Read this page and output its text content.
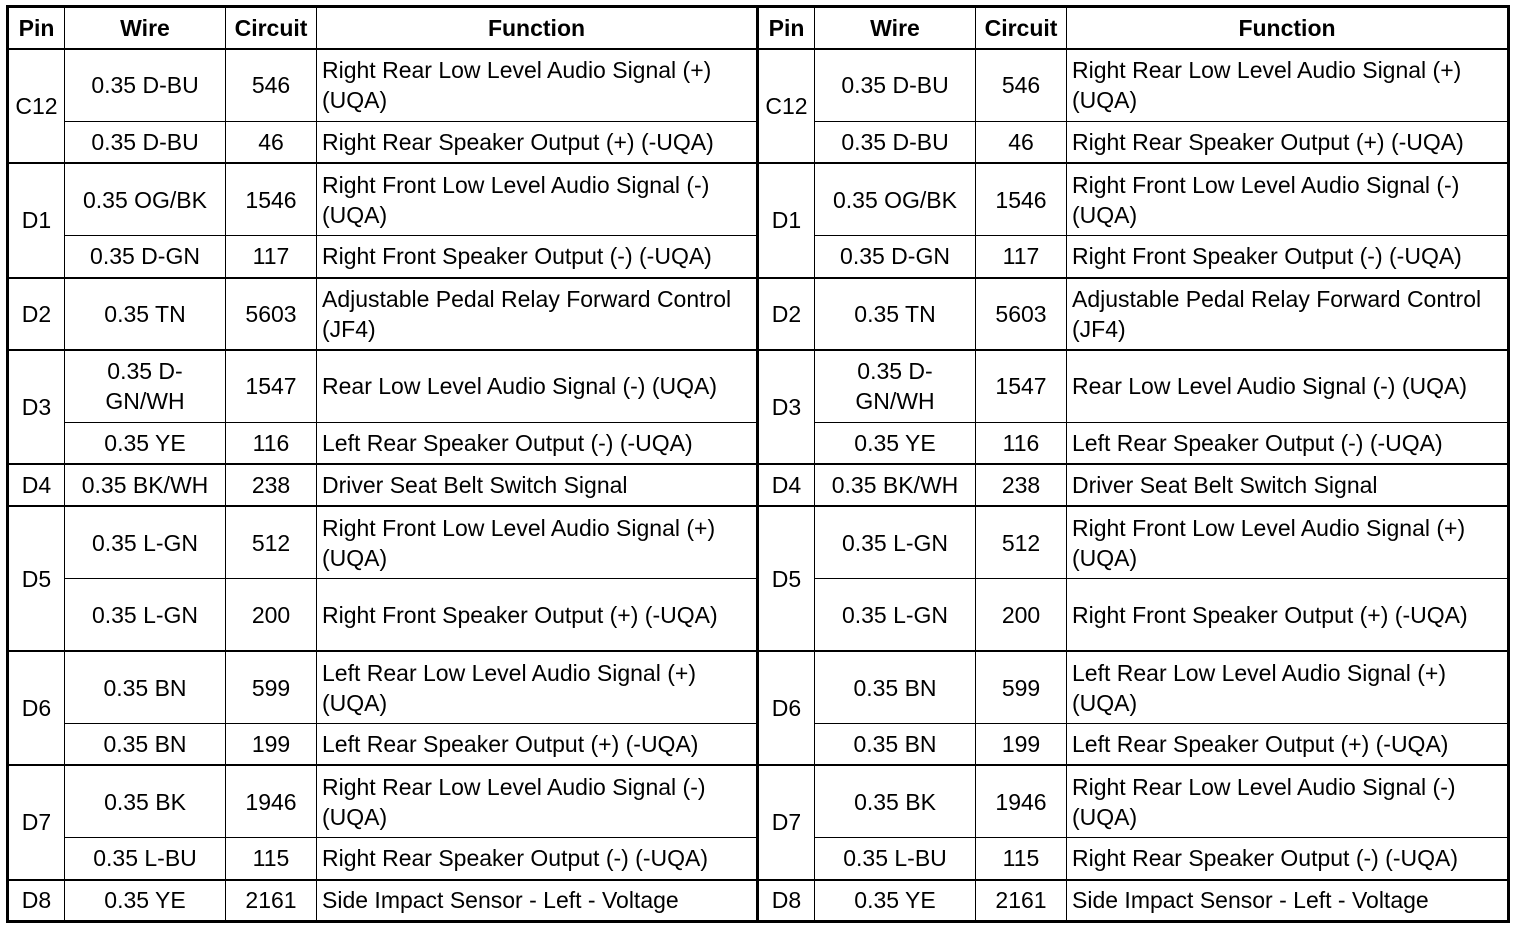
Pin	Wire	Circuit	Function	Pin	Wire	Circuit	Function
C12	0.35 D-BU	546	Right Rear Low Level Audio Signal (+) (UQA)	C12	0.35 D-BU	546	Right Rear Low Level Audio Signal (+) (UQA)
	0.35 D-BU	46	Right Rear Speaker Output (+) (-UQA)		0.35 D-BU	46	Right Rear Speaker Output (+) (-UQA)
D1	0.35 OG/BK	1546	Right Front Low Level Audio Signal (-) (UQA)	D1	0.35 OG/BK	1546	Right Front Low Level Audio Signal (-) (UQA)
	0.35 D-GN	117	Right Front Speaker Output (-) (-UQA)		0.35 D-GN	117	Right Front Speaker Output (-) (-UQA)
D2	0.35 TN	5603	Adjustable Pedal Relay Forward Control (JF4)	D2	0.35 TN	5603	Adjustable Pedal Relay Forward Control (JF4)
D3	0.35 D-GN/WH	1547	Rear Low Level Audio Signal (-) (UQA)	D3	0.35 D-GN/WH	1547	Rear Low Level Audio Signal (-) (UQA)
	0.35 YE	116	Left Rear Speaker Output (-) (-UQA)		0.35 YE	116	Left Rear Speaker Output (-) (-UQA)
D4	0.35 BK/WH	238	Driver Seat Belt Switch Signal	D4	0.35 BK/WH	238	Driver Seat Belt Switch Signal
D5	0.35 L-GN	512	Right Front Low Level Audio Signal (+) (UQA)	D5	0.35 L-GN	512	Right Front Low Level Audio Signal (+) (UQA)
	0.35 L-GN	200	Right Front Speaker Output (+) (-UQA)		0.35 L-GN	200	Right Front Speaker Output (+) (-UQA)
D6	0.35 BN	599	Left Rear Low Level Audio Signal (+) (UQA)	D6	0.35 BN	599	Left Rear Low Level Audio Signal (+) (UQA)
	0.35 BN	199	Left Rear Speaker Output (+) (-UQA)		0.35 BN	199	Left Rear Speaker Output (+) (-UQA)
D7	0.35 BK	1946	Right Rear Low Level Audio Signal (-) (UQA)	D7	0.35 BK	1946	Right Rear Low Level Audio Signal (-) (UQA)
	0.35 L-BU	115	Right Rear Speaker Output (-) (-UQA)		0.35 L-BU	115	Right Rear Speaker Output (-) (-UQA)
D8	0.35 YE	2161	Side Impact Sensor - Left - Voltage	D8	0.35 YE	2161	Side Impact Sensor - Left - Voltage
